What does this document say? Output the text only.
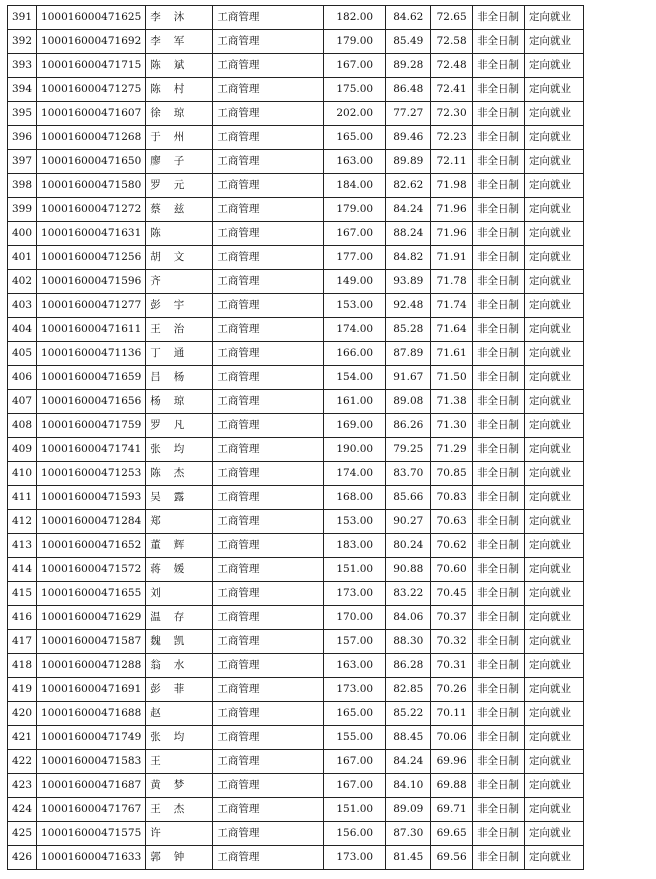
391	100016000471625	李 沐	工商管理	182.00	84.62	72.65	非全日制	定向就业
392	100016000471692	李 军	工商管理	179.00	85.49	72.58	非全日制	定向就业
393	100016000471715	陈 斌	工商管理	167.00	89.28	72.48	非全日制	定向就业
394	100016000471275	陈 村	工商管理	175.00	86.48	72.41	非全日制	定向就业
395	100016000471607	徐 琼	工商管理	202.00	77.27	72.30	非全日制	定向就业
396	100016000471268	于 州	工商管理	165.00	89.46	72.23	非全日制	定向就业
397	100016000471650	廖 子	工商管理	163.00	89.89	72.11	非全日制	定向就业
398	100016000471580	罗 元	工商管理	184.00	82.62	71.98	非全日制	定向就业
399	100016000471272	蔡 兹	工商管理	179.00	84.24	71.96	非全日制	定向就业
400	100016000471631	陈	工商管理	167.00	88.24	71.96	非全日制	定向就业
401	100016000471256	胡 文	工商管理	177.00	84.82	71.91	非全日制	定向就业
402	100016000471596	齐	工商管理	149.00	93.89	71.78	非全日制	定向就业
403	100016000471277	彭 宇	工商管理	153.00	92.48	71.74	非全日制	定向就业
404	100016000471611	王 治	工商管理	174.00	85.28	71.64	非全日制	定向就业
405	100016000471136	丁 通	工商管理	166.00	87.89	71.61	非全日制	定向就业
406	100016000471659	吕 杨	工商管理	154.00	91.67	71.50	非全日制	定向就业
407	100016000471656	杨 琼	工商管理	161.00	89.08	71.38	非全日制	定向就业
408	100016000471759	罗 凡	工商管理	169.00	86.26	71.30	非全日制	定向就业
409	100016000471741	张 均	工商管理	190.00	79.25	71.29	非全日制	定向就业
410	100016000471253	陈 杰	工商管理	174.00	83.70	70.85	非全日制	定向就业
411	100016000471593	吴 露	工商管理	168.00	85.66	70.83	非全日制	定向就业
412	100016000471284	郑	工商管理	153.00	90.27	70.63	非全日制	定向就业
413	100016000471652	董 辉	工商管理	183.00	80.24	70.62	非全日制	定向就业
414	100016000471572	蒋 媛	工商管理	151.00	90.88	70.60	非全日制	定向就业
415	100016000471655	刘	工商管理	173.00	83.22	70.45	非全日制	定向就业
416	100016000471629	温 存	工商管理	170.00	84.06	70.37	非全日制	定向就业
417	100016000471587	魏 凯	工商管理	157.00	88.30	70.32	非全日制	定向就业
418	100016000471288	翁 水	工商管理	163.00	86.28	70.31	非全日制	定向就业
419	100016000471691	彭 菲	工商管理	173.00	82.85	70.26	非全日制	定向就业
420	100016000471688	赵	工商管理	165.00	85.22	70.11	非全日制	定向就业
421	100016000471749	张 均	工商管理	155.00	88.45	70.06	非全日制	定向就业
422	100016000471583	王	工商管理	167.00	84.24	69.96	非全日制	定向就业
423	100016000471687	黄 梦	工商管理	167.00	84.10	69.88	非全日制	定向就业
424	100016000471767	王 杰	工商管理	151.00	89.09	69.71	非全日制	定向就业
425	100016000471575	许	工商管理	156.00	87.30	69.65	非全日制	定向就业
426	100016000471633	郭 钟	工商管理	173.00	81.45	69.56	非全日制	定向就业
